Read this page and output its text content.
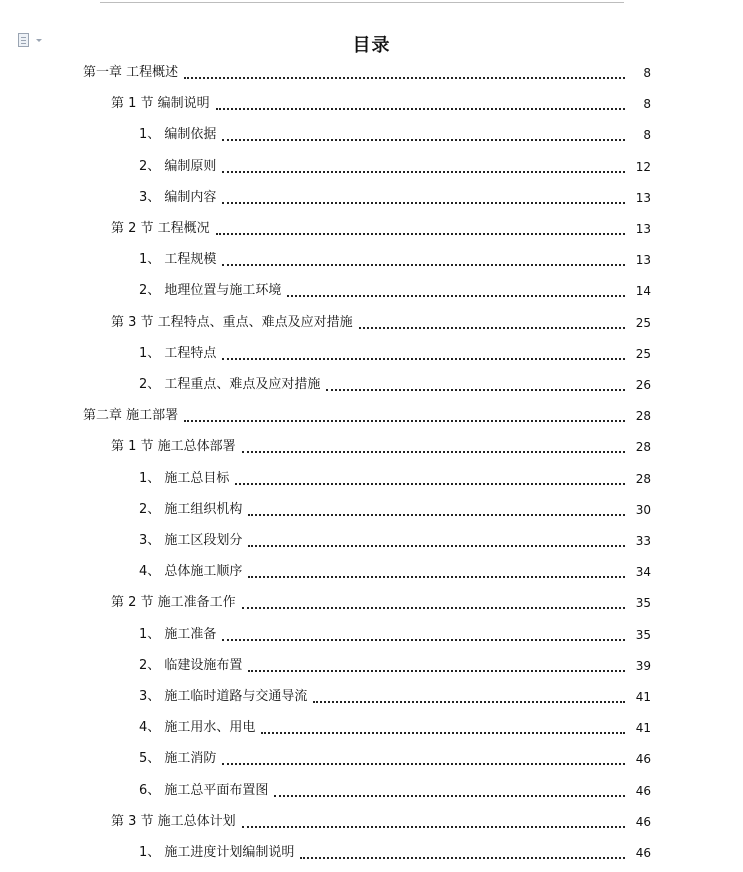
目录
第一章 工程概述	8
第 1 节 编制说明	8
1、 编制依据	8
2、 编制原则	12
3、 编制内容	13
第 2 节 工程概况	13
1、 工程规模	13
2、 地理位置与施工环境	14
第 3 节 工程特点、重点、难点及应对措施	25
1、 工程特点	25
2、 工程重点、难点及应对措施	26
第二章 施工部署	28
第 1 节 施工总体部署	28
1、 施工总目标	28
2、 施工组织机构	30
3、 施工区段划分	33
4、 总体施工顺序	34
第 2 节 施工准备工作	35
1、 施工准备	35
2、 临建设施布置	39
3、 施工临时道路与交通导流	41
4、 施工用水、用电	41
5、 施工消防	46
6、 施工总平面布置图	46
第 3 节 施工总体计划	46
1、 施工进度计划编制说明	46
